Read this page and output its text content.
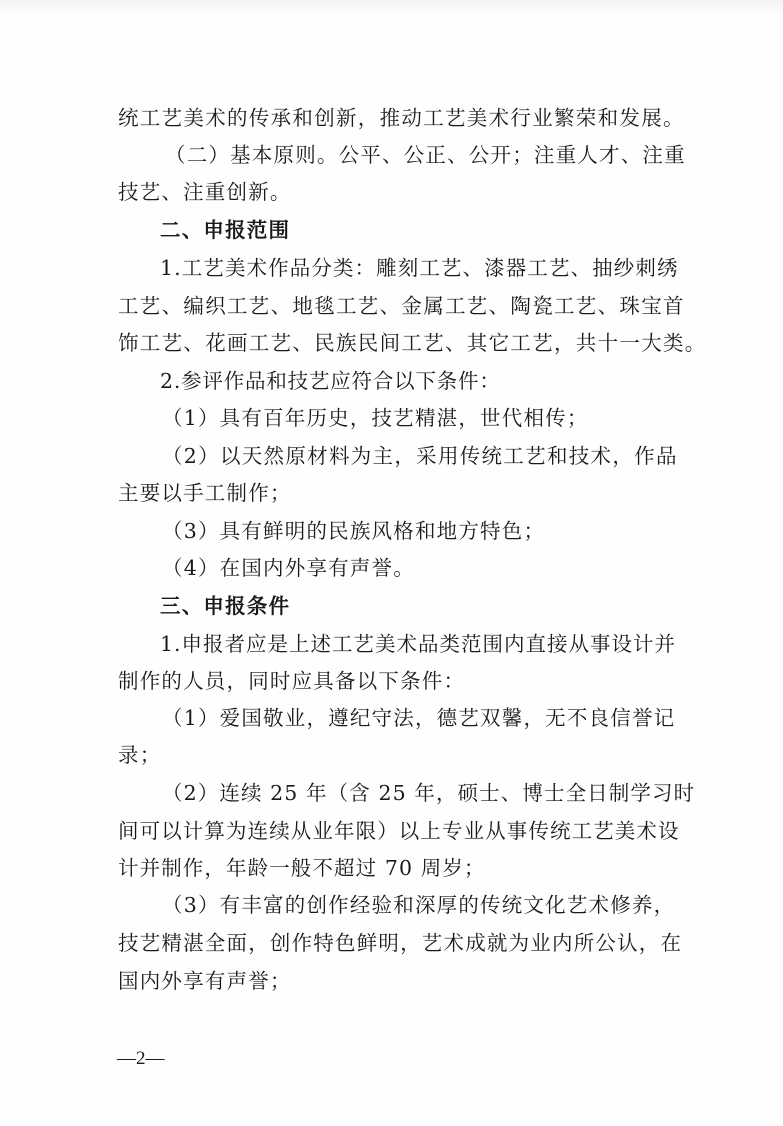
统工艺美术的传承和创新，推动工艺美术行业繁荣和发展。
（二）基本原则。公平、公正、公开；注重人才、注重
技艺、注重创新。
二、申报范围
1.工艺美术作品分类：雕刻工艺、漆器工艺、抽纱刺绣
工艺、编织工艺、地毯工艺、金属工艺、陶瓷工艺、珠宝首
饰工艺、花画工艺、民族民间工艺、其它工艺，共十一大类。
2.参评作品和技艺应符合以下条件：
（1）具有百年历史，技艺精湛，世代相传；
（2）以天然原材料为主，采用传统工艺和技术，作品
主要以手工制作；
（3）具有鲜明的民族风格和地方特色；
（4）在国内外享有声誉。
三、申报条件
1.申报者应是上述工艺美术品类范围内直接从事设计并
制作的人员，同时应具备以下条件：
（1）爱国敬业，遵纪守法，德艺双馨，无不良信誉记
录；
（2）连续 25 年（含 25 年，硕士、博士全日制学习时
间可以计算为连续从业年限）以上专业从事传统工艺美术设
计并制作，年龄一般不超过 70 周岁；
（3）有丰富的创作经验和深厚的传统文化艺术修养，
技艺精湛全面，创作特色鲜明，艺术成就为业内所公认，在
国内外享有声誉；
—2—
